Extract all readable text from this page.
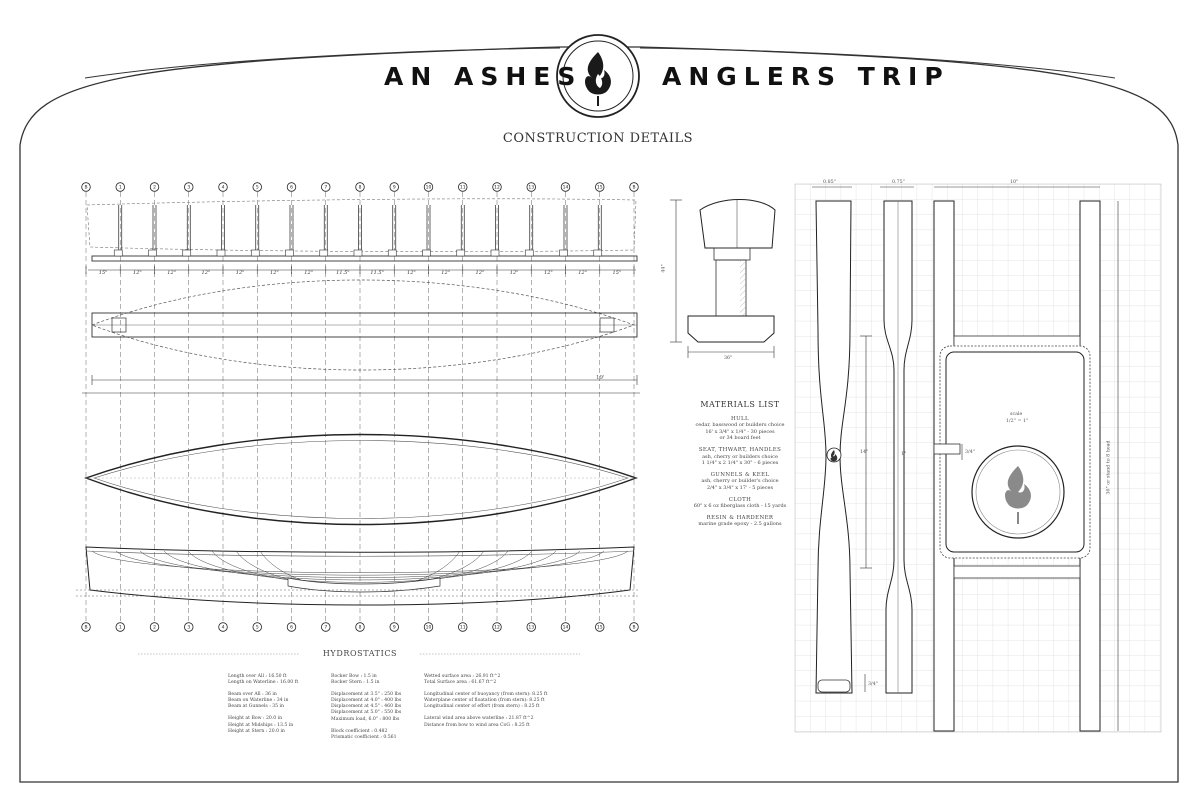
B	1	2	3	4	5	6	7	8	9	10	11	12	13	14	15	B
B	1	2	3	4	5	6	7	8	9	10	11	12	13	14	15	B
15"	12"	12"	12"	12"	12"	12"	11.5"	11.5"	12"	12"	12"	12"	12"	12"	15"
AN ASHES	ANGLERS TRIP
CONSTRUCTION DETAILS
19'
44"
36"
0.85"	0.75"	10"
14"	1"	3/4"
3/4"
scale
1/2" = 1"
36" or stand to 8 head
MATERIALS LIST
HULL
cedar, basswood or builders choice
16' x 3/4" x 1/4" - 30 pieces
or 34 board feet
SEAT, THWART, HANDLES
ash, cherry or builders choice
1 1/4" x 2 1/4" x 30" - 6 pieces
GUNNELS & KEEL
ash, cherry or builder's choice
2/4" x 3/4" x 17' - 5 pieces
CLOTH
60" x 6 oz fiberglass cloth - 15 yards
RESIN & HARDENER
marine grade epoxy - 2.5 gallons
HYDROSTATICS
Length over All : 16.50 ft
Length on Waterline : 16.00 ft
Beam over All : 36 in
Beam on Waterline : 34 in
Beam at Gunnels : 35 in
Height at Bow : 20.0 in
Height at Midships : 13.5 in
Height at Stern : 20.0 in
Rocker Bow : 1.5 in
Rocker Stern : 1.5 in
Displacement at 3.5" : 250 lbs
Displacement at 4.0" : 400 lbs
Displacement at 4.5" : 460 lbs
Displacement at 5.0" : 550 lbs
Maximum load, 6.0" : 800 lbs
Block coefficient : 0.482
Prismatic coefficient : 0.561
Wetted surface area : 26.91 ft^2
Total Surface area : 61.67 ft^2
Longitudinal center of buoyancy (from stern): 8.25 ft
Waterplane center of floatation (from stern): 8.25 ft
Longitudinal center of effort (from stern) : 8.25 ft
Lateral wind area above waterline : 21.87 ft^2
Distance from bow to wind area CoG : 8.25 ft
